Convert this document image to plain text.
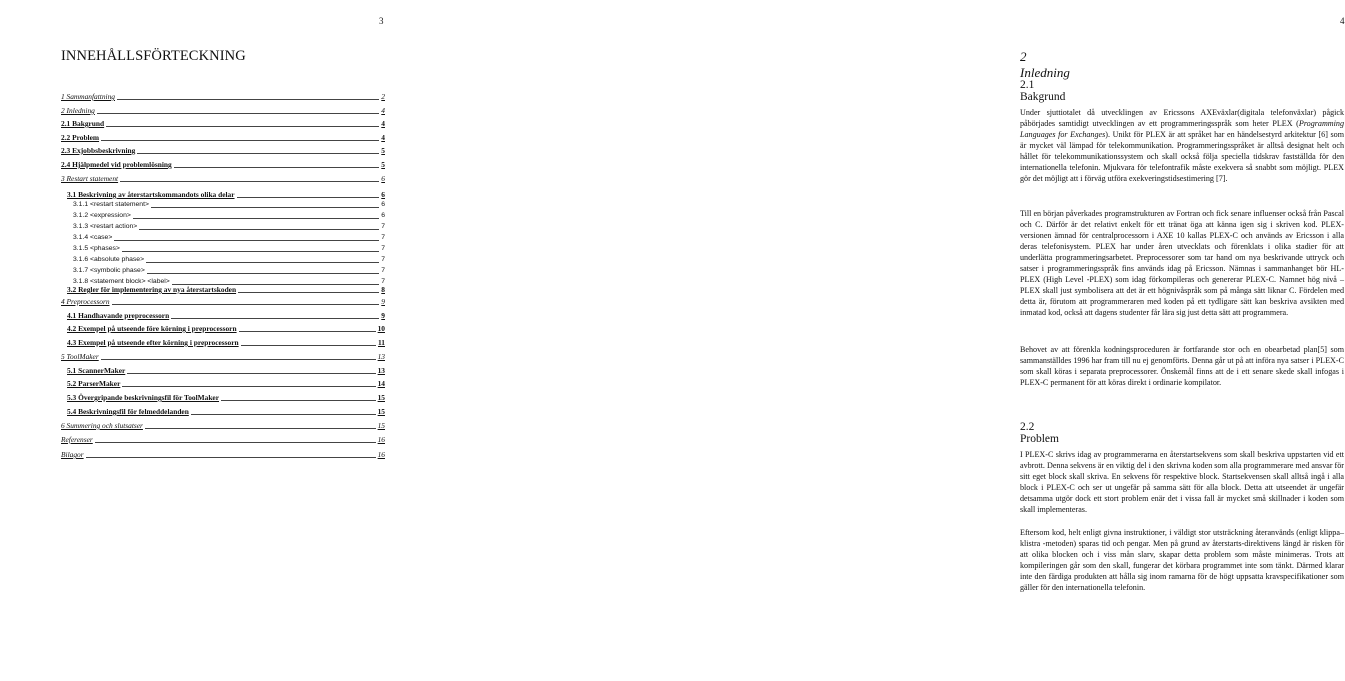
3
INNEHÅLLSFÖRTECKNING
1 Sammanfattning	2
2 Inledning	4
2.1 Bakgrund	4
2.2 Problem	4
2.3 Exjobbsbeskrivning	5
2.4 Hjälpmedel vid problemlösning	5
3 Restart statement	6
3.1 Beskrivning av återstartskommandots olika delar	6
3.1.1 <restart statement>	6
3.1.2 <expression>	6
3.1.3 <restart action>	7
3.1.4 <case>	7
3.1.5 <phases>	7
3.1.6 <absolute phase>	7
3.1.7 <symbolic phase>	7
3.1.8 <statement block> <label>	7
3.2 Regler för implementering av nya återstartskoden	8
4 Preprocessorn	9
4.1 Handhavande preprocessorn	9
4.2 Exempel på utseende före körning i preprocessorn	10
4.3 Exempel på utseende efter körning i preprocessorn	11
5 ToolMaker	13
5.1 ScannerMaker	13
5.2 ParserMaker	14
5.3 Övergripande beskrivningsfil för ToolMaker	15
5.4 Beskrivningsfil för felmeddelanden	15
6 Summering och slutsatser	15
Referenser	16
Bilagor	16
4
2 Inledning
2.1 Bakgrund

Under sjuttiotalet då utvecklingen av Ericssons AXEväxlar(digitala telefonväxlar) pågick påbörjades samtidigt utvecklingen av ett programmeringsspråk som heter PLEX (Programming Languages for Exchanges). Unikt för PLEX är att språket har en händelsestyrd arkitektur [6] som är mycket väl lämpad för telekommunikation. Programmeringsspråket är alltså designat helt och hållet för telekommunikationssystem och skall också följa speciella tidskrav fastställda för den internationella telefonin. Mjukvara för telefontrafik måste exekvera så snabbt som möjligt. PLEX gör det möjligt att i förväg utföra exekveringstidsestimering [7].

Till en början påverkades programstrukturen av Fortran och fick senare influenser också från Pascal och C. Därför är det relativt enkelt för ett tränat öga att känna igen sig i skriven kod. PLEX-versionen ämnad för centralprocessorn i AXE 10 kallas PLEX-C och används av Ericsson i alla deras telefonisystem. PLEX har under åren utvecklats och förenklats i olika stadier för att underlätta programmeringsarbetet. Preprocessorer som tar hand om nya beskrivande uttryck och satser i programmeringsspråk fins används idag på Ericsson. Nämnas i sammanhanget bör HL-PLEX (High Level -PLEX) som idag förkompileras och genererar PLEX-C. Namnet hög nivå –PLEX skall just symbolisera att det är ett högnivåspråk som på många sätt liknar C. Fördelen med detta är, förutom att programmeraren med koden på ett tydligare sätt kan beskriva avsikten med inmatad kod, också att dagens studenter får lära sig just detta sätt att programmera.

Behovet av att förenkla kodningsproceduren är fortfarande stor och en obearbetad plan[5] som sammanställdes 1996 har fram till nu ej genomförts. Denna går ut på att införa nya satser i PLEX-C som skall köras i separata preprocessorer. Önskemål finns att de i ett senare skede skall infogas i PLEX-C permanent för att köras direkt i ordinarie kompilator.

2.2 Problem

I PLEX-C skrivs idag av programmerarna en återstartsekvens som skall beskriva uppstarten vid ett avbrott. Denna sekvens är en viktig del i den skrivna koden som alla programmerare med ansvar för sitt eget block skall skriva. En sekvens för respektive block. Startsekvensen skall alltså ingå i alla block i PLEX-C och ser ut ungefär på samma sätt för alla block. Detta att utseendet är ungefär detsamma utgör dock ett stort problem enär det i vissa fall är mycket små skillnader i koden som skall implementeras.

Eftersom kod, helt enligt givna instruktioner, i väldigt stor utsträckning återanvänds (enligt klippa–klistra -metoden) sparas tid och pengar. Men på grund av återstarts-direktivens längd är risken för att olika blocken och i viss mån slarv, skapar detta problem som måste minimeras. Trots att kompileringen går som den skall, fungerar det körbara programmet inte som tänkt. Därmed klarar inte den färdiga produkten att hålla sig inom ramarna för de högt uppsatta kravspecifikationer som gäller för den internationella telefonin.
